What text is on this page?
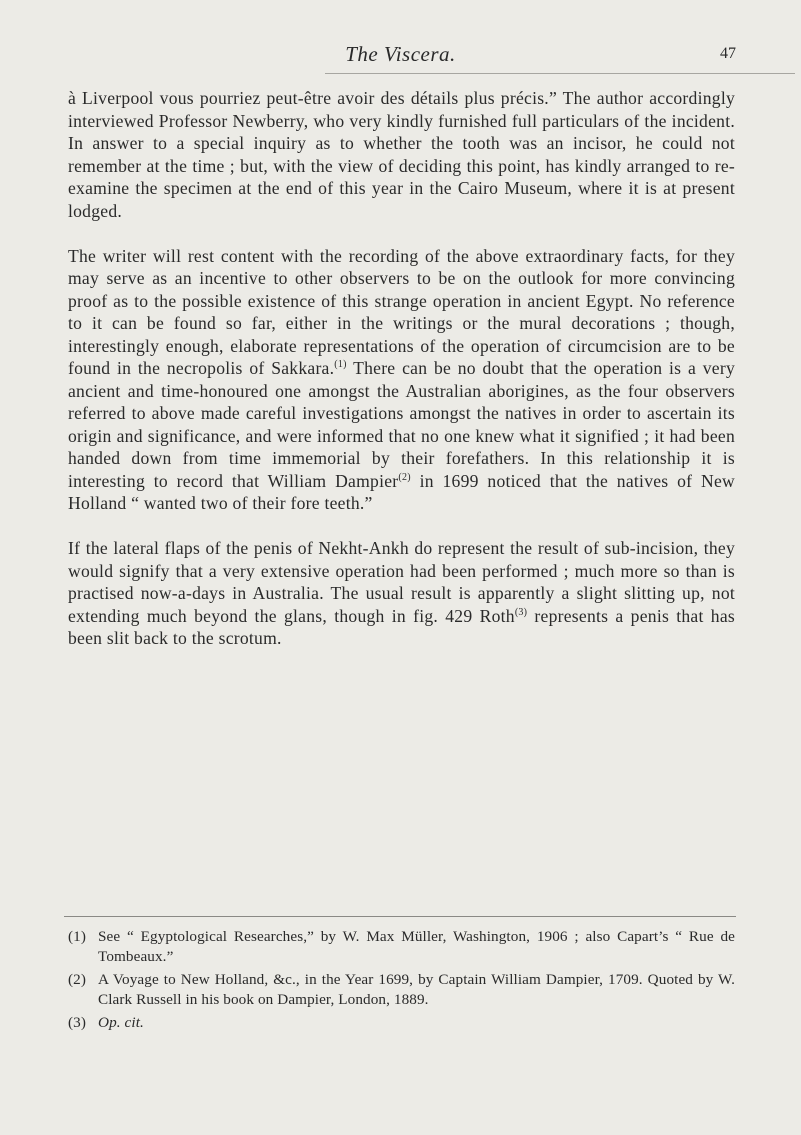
The Viscera.	47

à Liverpool vous pourriez peut-être avoir des détails plus précis.” The author accordingly interviewed Professor Newberry, who very kindly furnished full particulars of the incident. In answer to a special inquiry as to whether the tooth was an incisor, he could not remember at the time ; but, with the view of deciding this point, has kindly arranged to re-examine the specimen at the end of this year in the Cairo Museum, where it is at present lodged.

The writer will rest content with the recording of the above extraordinary facts, for they may serve as an incentive to other observers to be on the outlook for more convincing proof as to the possible existence of this strange operation in ancient Egypt. No reference to it can be found so far, either in the writings or the mural decorations ; though, interestingly enough, elaborate representations of the operation of circumcision are to be found in the necropolis of Sakkara.$^{(1)}$ There can be no doubt that the operation is a very ancient and time-honoured one amongst the Australian aborigines, as the four observers referred to above made careful investigations amongst the natives in order to ascertain its origin and significance, and were informed that no one knew what it signified ; it had been handed down from time immemorial by their forefathers. In this relationship it is interesting to record that William Dampier$^{(2)}$ in 1699 noticed that the natives of New Holland “ wanted two of their fore teeth.”

If the lateral flaps of the penis of Nekht-Ankh do represent the result of sub-incision, they would signify that a very extensive operation had been performed ; much more so than is practised now-a-days in Australia. The usual result is apparently a slight slitting up, not extending much beyond the glans, though in fig. 429 Roth$^{(3)}$ represents a penis that has been slit back to the scrotum.

(1) See “ Egyptological Researches,” by W. Max Müller, Washington, 1906 ; also Capart’s “ Rue de Tombeaux.”
(2) A Voyage to New Holland, &c., in the Year 1699, by Captain William Dampier, 1709. Quoted by W. Clark Russell in his book on Dampier, London, 1889.
(3) Op. cit.
